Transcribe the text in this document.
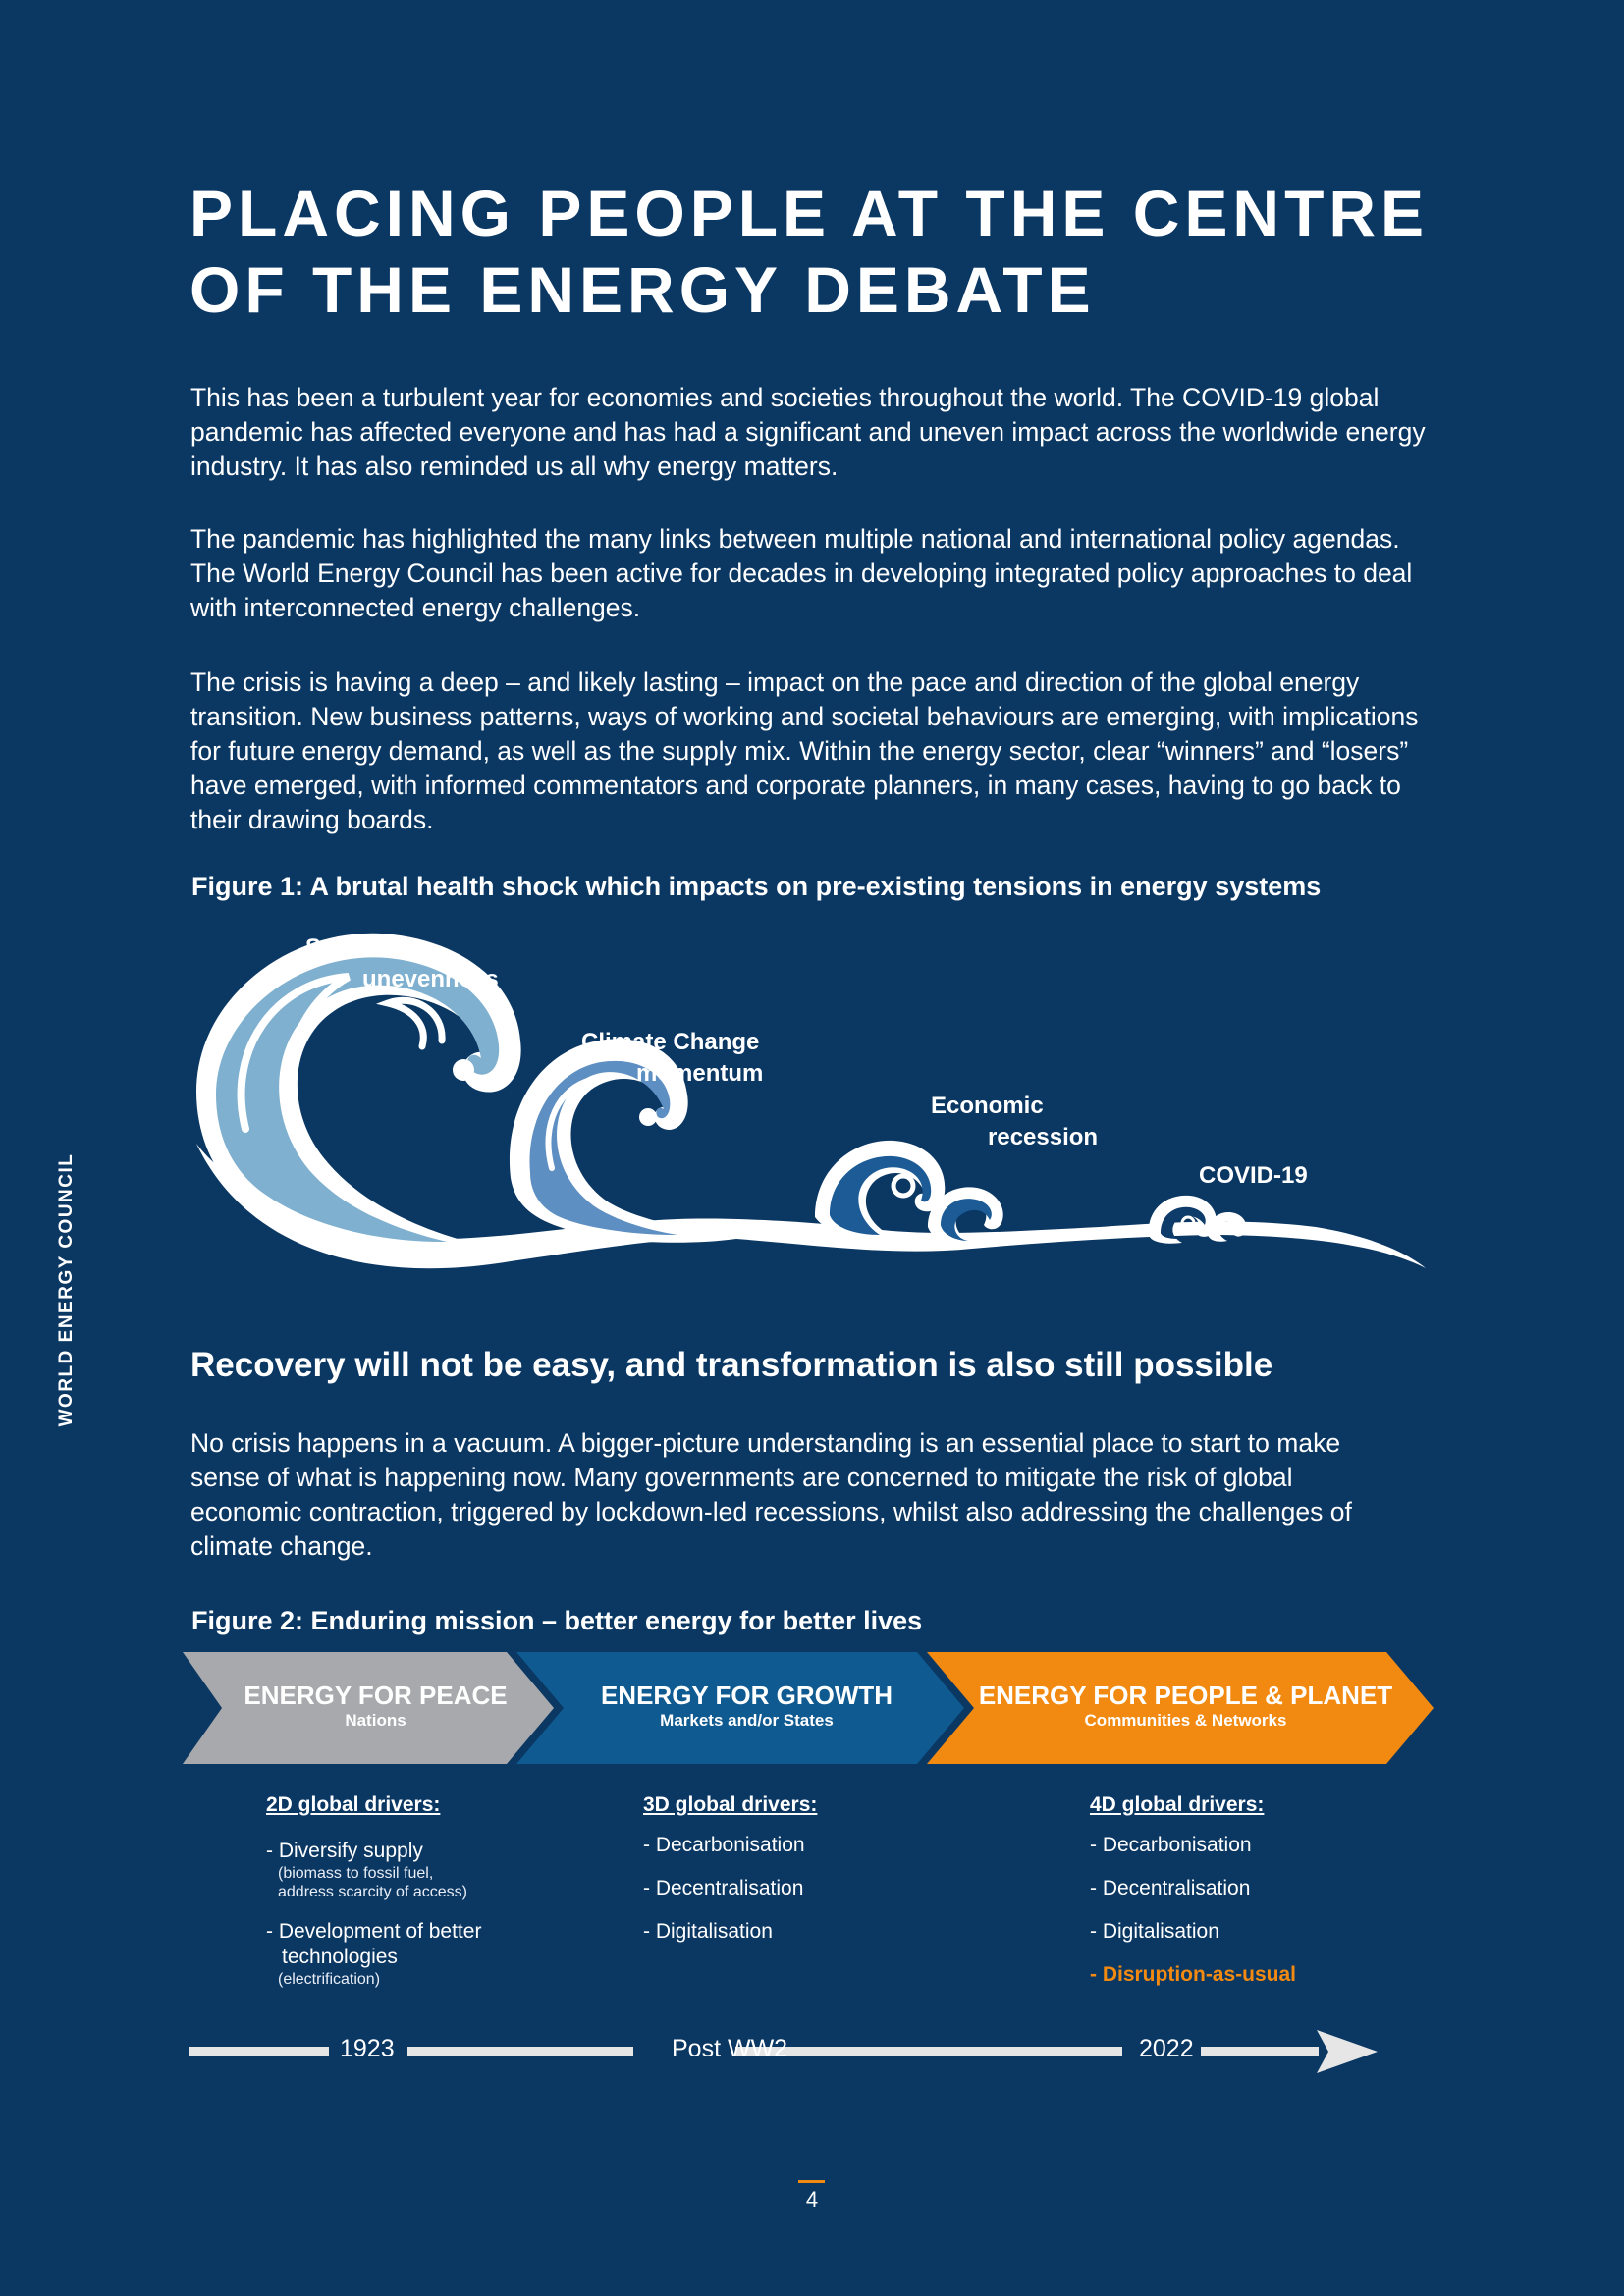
WORLD ENERGY COUNCIL
PLACING PEOPLE AT THE CENTRE
OF THE ENERGY DEBATE

This has been a turbulent year for economies and societies throughout the world. The COVID-19 global pandemic has affected everyone and has had a significant and uneven impact across the worldwide energy industry. It has also reminded us all why energy matters.

The pandemic has highlighted the many links between multiple national and international policy agendas. The World Energy Council has been active for decades in developing integrated policy approaches to deal with interconnected energy challenges.

The crisis is having a deep – and likely lasting – impact on the pace and direction of the global energy transition. New business patterns, ways of working and societal behaviours are emerging, with implications for future energy demand, as well as the supply mix. Within the energy sector, clear “winners” and “losers” have emerged, with informed commentators and corporate planners, in many cases, having to go back to their drawing boards.

Figure 1: A brutal health shock which impacts on pre-existing tensions in energy systems

Societal
unevenness
Climate Change
momentum
Economic
recession
COVID-19
Recovery will not be easy, and transformation is also still possible

No crisis happens in a vacuum. A bigger-picture understanding is an essential place to start to make sense of what is happening now. Many governments are concerned to mitigate the risk of global economic contraction, triggered by lockdown-led recessions, whilst also addressing the challenges of climate change.

Figure 2: Enduring mission – better energy for better lives

ENERGY FOR PEACE
Nations
ENERGY FOR GROWTH
Markets and/or States
ENERGY FOR PEOPLE & PLANET
Communities & Networks
2D global drivers:
- Diversify supply
(biomass to fossil fuel,
address scarcity of access)
- Development of better
technologies
(electrification)
3D global drivers:
- Decarbonisation
- Decentralisation
- Digitalisation
4D global drivers:
- Decarbonisation
- Decentralisation
- Digitalisation
- Disruption-as-usual
1923	Post WW2	2022
4
